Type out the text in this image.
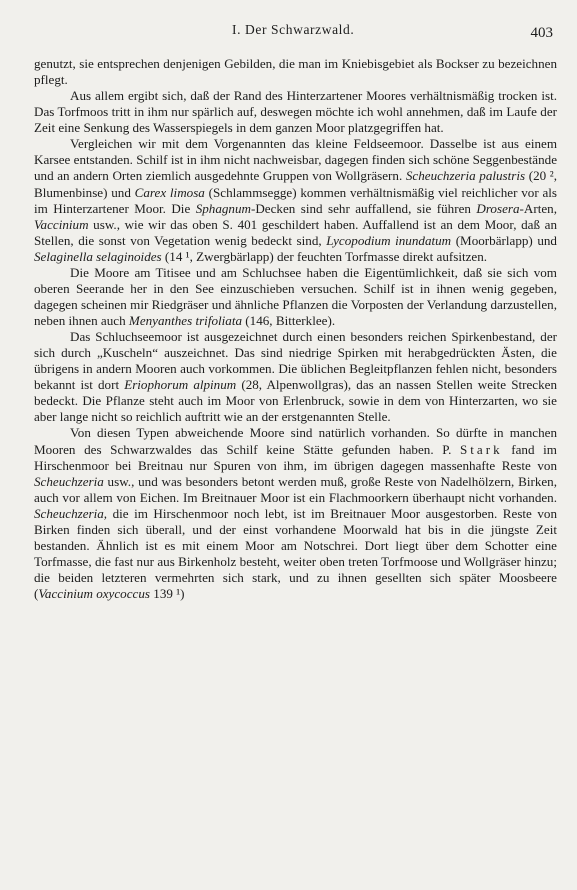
I. Der Schwarzwald.	403

genutzt, sie entsprechen denjenigen Gebilden, die man im Kniebisgebiet als Bockser zu bezeichnen pflegt.

Aus allem ergibt sich, daß der Rand des Hinterzartener Moores verhältnismäßig trocken ist. Das Torfmoos tritt in ihm nur spärlich auf, deswegen möchte ich wohl annehmen, daß im Laufe der Zeit eine Senkung des Wasserspiegels in dem ganzen Moor platzgegriffen hat.

Vergleichen wir mit dem Vorgenannten das kleine Feldseemoor. Dasselbe ist aus einem Karsee entstanden. Schilf ist in ihm nicht nachweisbar, dagegen finden sich schöne Seggenbestände und an andern Orten ziemlich ausgedehnte Gruppen von Wollgräsern. Scheuchzeria palustris (20 ², Blumenbinse) und Carex limosa (Schlammsegge) kommen verhältnismäßig viel reichlicher vor als im Hinterzartener Moor. Die Sphagnum-Decken sind sehr auffallend, sie führen Drosera-Arten, Vaccinium usw., wie wir das oben S. 401 geschildert haben. Auffallend ist an dem Moor, daß an Stellen, die sonst von Vegetation wenig bedeckt sind, Lycopodium inundatum (Moorbärlapp) und Selaginella selaginoides (14 ¹, Zwergbärlapp) der feuchten Torfmasse direkt aufsitzen.

Die Moore am Titisee und am Schluchsee haben die Eigentümlichkeit, daß sie sich vom oberen Seerande her in den See einzuschieben versuchen. Schilf ist in ihnen wenig gegeben, dagegen scheinen mir Riedgräser und ähnliche Pflanzen die Vorposten der Verlandung darzustellen, neben ihnen auch Menyanthes trifoliata (146, Bitterklee).

Das Schluchseemoor ist ausgezeichnet durch einen besonders reichen Spirkenbestand, der sich durch „Kuscheln“ auszeichnet. Das sind niedrige Spirken mit herabgedrückten Ästen, die übrigens in andern Mooren auch vorkommen. Die üblichen Begleitpflanzen fehlen nicht, besonders bekannt ist dort Eriophorum alpinum (28, Alpenwollgras), das an nassen Stellen weite Strecken bedeckt. Die Pflanze steht auch im Moor von Erlenbruck, sowie in dem von Hinterzarten, wo sie aber lange nicht so reichlich auftritt wie an der erstgenannten Stelle.

Von diesen Typen abweichende Moore sind natürlich vorhanden. So dürfte in manchen Mooren des Schwarzwaldes das Schilf keine Stätte gefunden haben. P. Stark fand im Hirschenmoor bei Breitnau nur Spuren von ihm, im übrigen dagegen massenhafte Reste von Scheuchzeria usw., und was besonders betont werden muß, große Reste von Nadelhölzern, Birken, auch vor allem von Eichen. Im Breitnauer Moor ist ein Flachmoorkern überhaupt nicht vorhanden. Scheuchzeria, die im Hirschenmoor noch lebt, ist im Breitnauer Moor ausgestorben. Reste von Birken finden sich überall, und der einst vorhandene Moorwald hat bis in die jüngste Zeit bestanden. Ähnlich ist es mit einem Moor am Notschrei. Dort liegt über dem Schotter eine Torfmasse, die fast nur aus Birkenholz besteht, weiter oben treten Torfmoose und Wollgräser hinzu; die beiden letzteren vermehrten sich stark, und zu ihnen gesellten sich später Moosbeere (Vaccinium oxycoccus 139 ¹)
